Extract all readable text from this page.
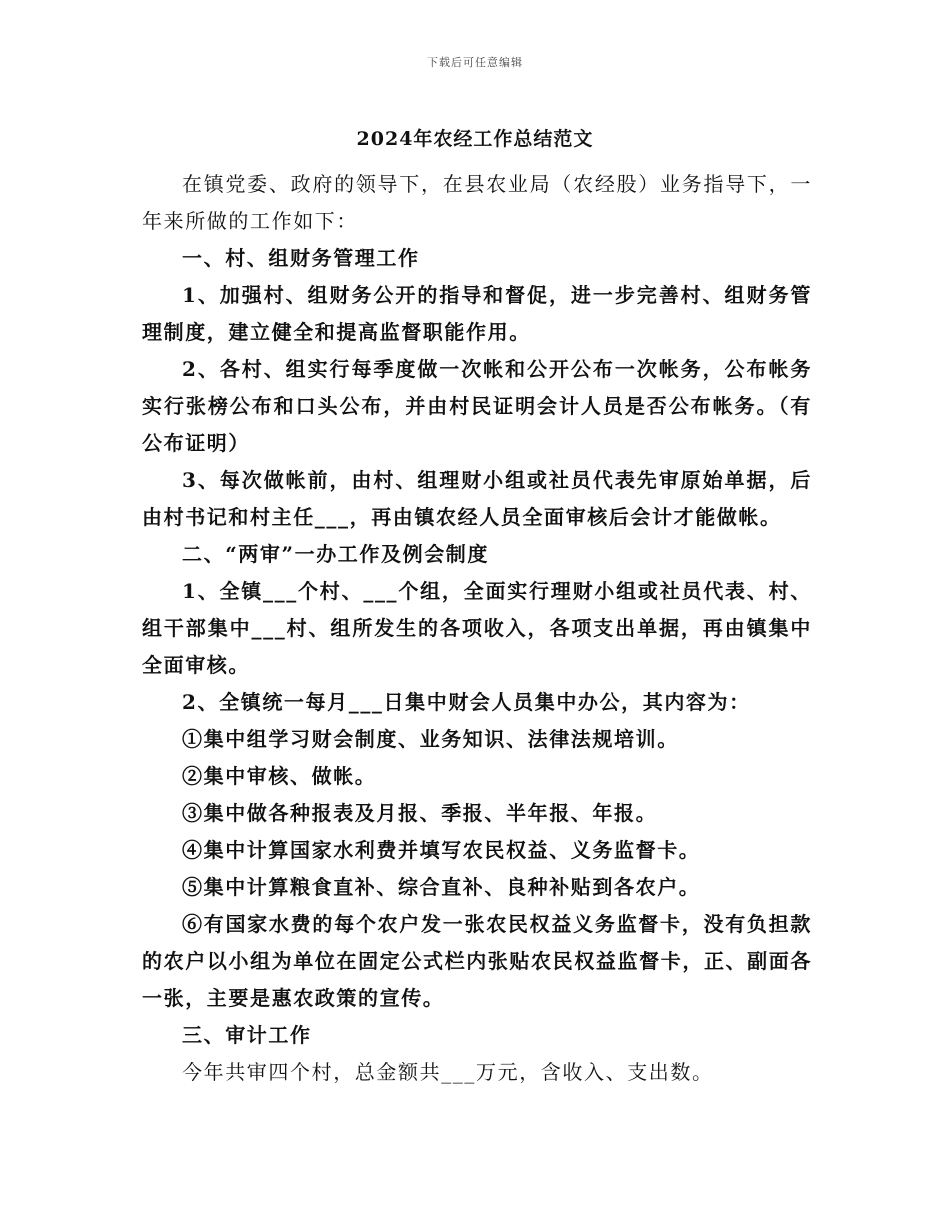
下载后可任意编辑
2024年农经工作总结范文

在镇党委、政府的领导下，在县农业局（农经股）业务指导下，一年来所做的工作如下：

一、村、组财务管理工作

1、加强村、组财务公开的指导和督促，进一步完善村、组财务管理制度，建立健全和提高监督职能作用。

2、各村、组实行每季度做一次帐和公开公布一次帐务，公布帐务实行张榜公布和口头公布，并由村民证明会计人员是否公布帐务。（有公布证明）

3、每次做帐前，由村、组理财小组或社员代表先审原始单据，后由村书记和村主任___，再由镇农经人员全面审核后会计才能做帐。

二、“两审”一办工作及例会制度

1、全镇___个村、___个组，全面实行理财小组或社员代表、村、组干部集中___村、组所发生的各项收入，各项支出单据，再由镇集中全面审核。

2、全镇统一每月___日集中财会人员集中办公，其内容为：

①集中组学习财会制度、业务知识、法律法规培训。

②集中审核、做帐。

③集中做各种报表及月报、季报、半年报、年报。

④集中计算国家水利费并填写农民权益、义务监督卡。

⑤集中计算粮食直补、综合直补、良种补贴到各农户。

⑥有国家水费的每个农户发一张农民权益义务监督卡，没有负担款的农户以小组为单位在固定公式栏内张贴农民权益监督卡，正、副面各一张，主要是惠农政策的宣传。

三、审计工作

今年共审四个村，总金额共___万元，含收入、支出数。
